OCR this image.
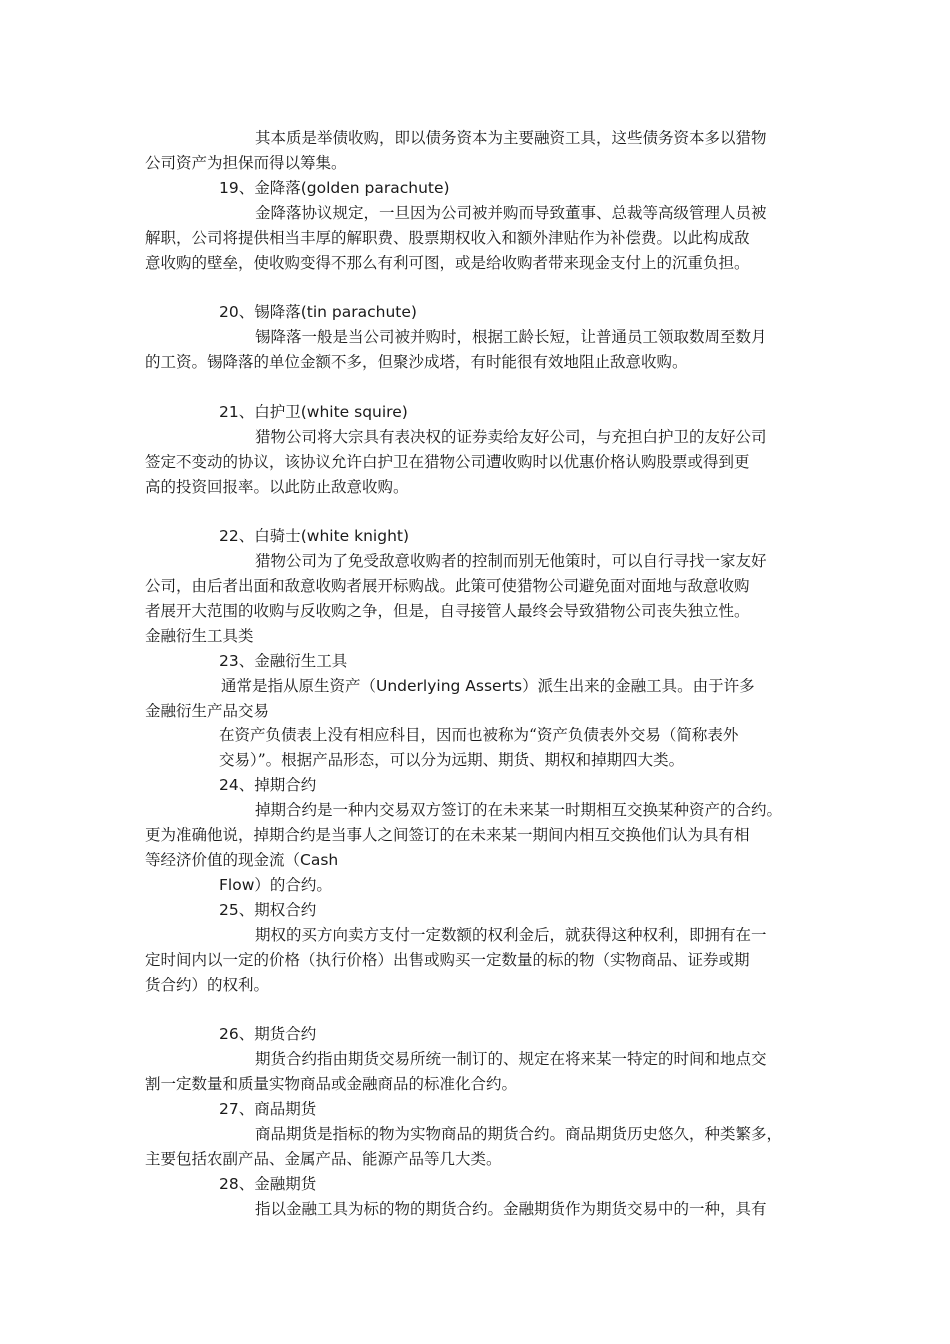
其本质是举债收购，即以债务资本为主要融资工具，这些债务资本多以猎物

公司资产为担保而得以筹集。

19、金降落(golden parachute)

金降落协议规定，一旦因为公司被并购而导致董事、总裁等高级管理人员被

解职，公司将提供相当丰厚的解职费、股票期权收入和额外津贴作为补偿费。以此构成敌

意收购的壁垒，使收购变得不那么有利可图，或是给收购者带来现金支付上的沉重负担。

20、锡降落(tin parachute)

锡降落一般是当公司被并购时，根据工龄长短，让普通员工领取数周至数月

的工资。锡降落的单位金额不多，但聚沙成塔，有时能很有效地阻止敌意收购。

21、白护卫(white squire)

猎物公司将大宗具有表决权的证券卖给友好公司，与充担白护卫的友好公司

签定不变动的协议，该协议允许白护卫在猎物公司遭收购时以优惠价格认购股票或得到更

高的投资回报率。以此防止敌意收购。

22、白骑士(white knight)

猎物公司为了免受敌意收购者的控制而别无他策时，可以自行寻找一家友好

公司，由后者出面和敌意收购者展开标购战。此策可使猎物公司避免面对面地与敌意收购

者展开大范围的收购与反收购之争，但是，自寻接管人最终会导致猎物公司丧失独立性。

金融衍生工具类

23、金融衍生工具

通常是指从原生资产（Underlying Asserts）派生出来的金融工具。由于许多

金融衍生产品交易

在资产负债表上没有相应科目，因而也被称为“资产负债表外交易（简称表外

交易）”。根据产品形态，可以分为远期、期货、期权和掉期四大类。

24、掉期合约

掉期合约是一种内交易双方签订的在未来某一时期相互交换某种资产的合约。

更为准确他说，掉期合约是当事人之间签订的在未来某一期间内相互交换他们认为具有相

等经济价值的现金流（Cash

Flow）的合约。

25、期权合约

期权的买方向卖方支付一定数额的权利金后，就获得这种权利，即拥有在一

定时间内以一定的价格（执行价格）出售或购买一定数量的标的物（实物商品、证券或期

货合约）的权利。

26、期货合约

期货合约指由期货交易所统一制订的、规定在将来某一特定的时间和地点交

割一定数量和质量实物商品或金融商品的标准化合约。

27、商品期货

商品期货是指标的物为实物商品的期货合约。商品期货历史悠久，种类繁多，

主要包括农副产品、金属产品、能源产品等几大类。

28、金融期货

指以金融工具为标的物的期货合约。金融期货作为期货交易中的一种，具有
